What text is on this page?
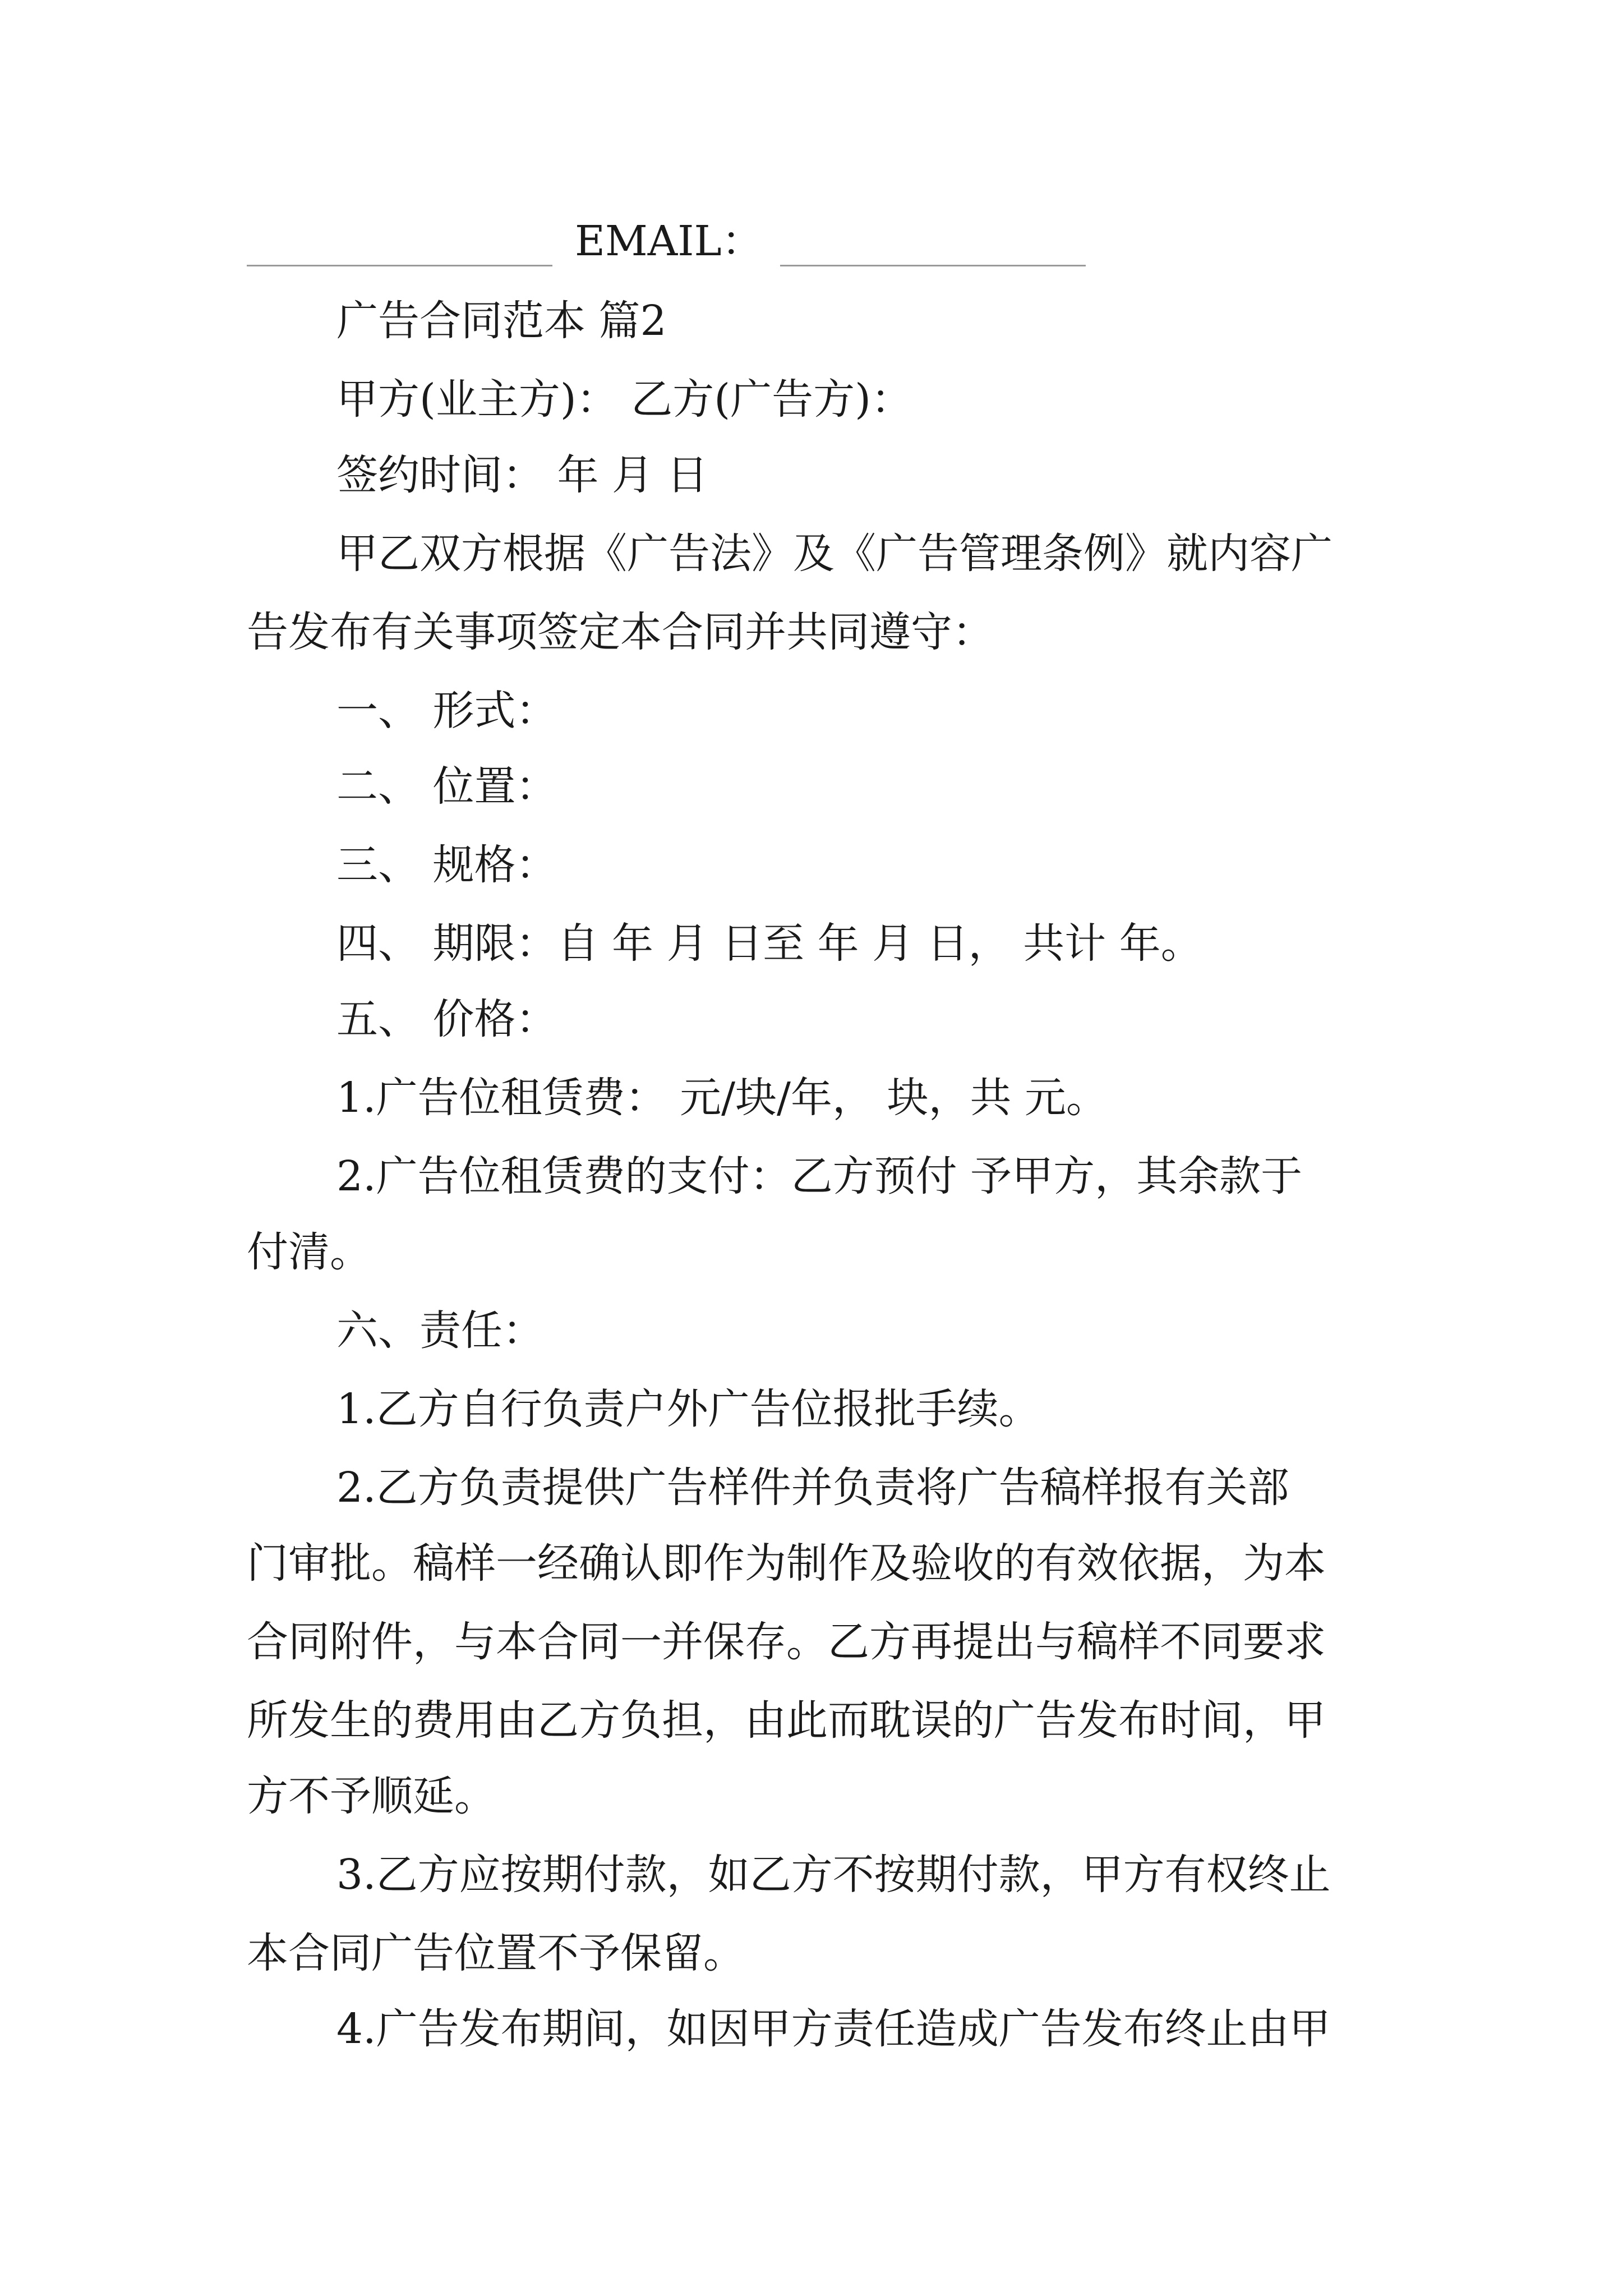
EMAIL：
广告合同范本 篇2
甲方(业主方)： 乙方(广告方)：
签约时间： 年 月 日
甲乙双方根据《广告法》及《广告管理条例》就内容广
告发布有关事项签定本合同并共同遵守：
一、 形式：
二、 位置：
三、 规格：
四、 期限：自 年 月 日至 年 月 日， 共计 年。
五、 价格：
1.广告位租赁费： 元/块/年， 块，共 元。
2.广告位租赁费的支付：乙方预付 予甲方，其余款于
付清。
六、责任：
1.乙方自行负责户外广告位报批手续。
2.乙方负责提供广告样件并负责将广告稿样报有关部
门审批。稿样一经确认即作为制作及验收的有效依据，为本
合同附件，与本合同一并保存。乙方再提出与稿样不同要求
所发生的费用由乙方负担，由此而耽误的广告发布时间，甲
方不予顺延。
3.乙方应按期付款，如乙方不按期付款，甲方有权终止
本合同广告位置不予保留。
4.广告发布期间，如因甲方责任造成广告发布终止由甲
